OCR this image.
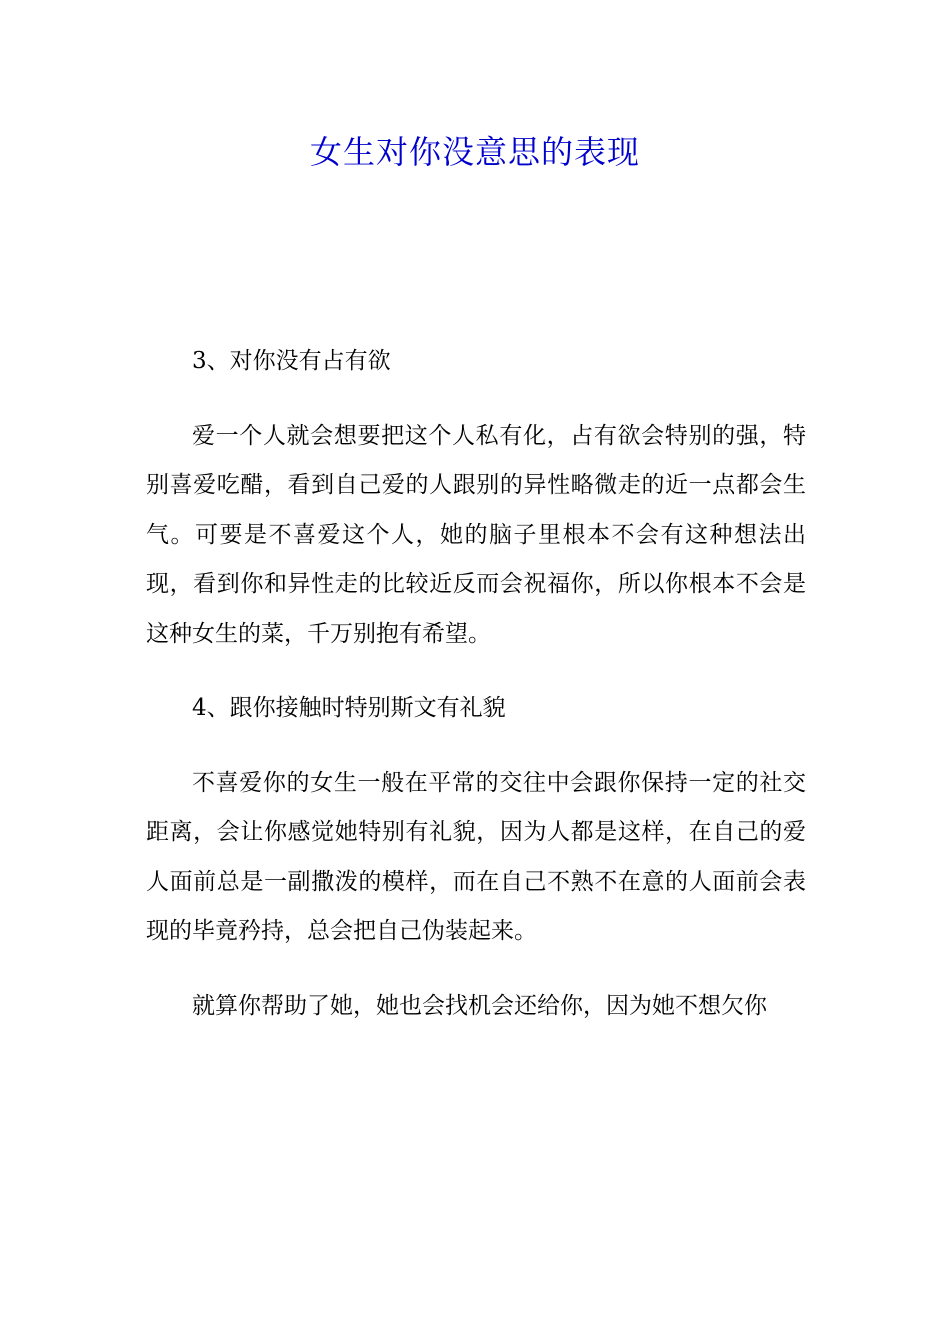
女生对你没意思的表现

3、对你没有占有欲

爱一个人就会想要把这个人私有化，占有欲会特别的强，特别喜爱吃醋，看到自己爱的人跟别的异性略微走的近一点都会生气。可要是不喜爱这个人，她的脑子里根本不会有这种想法出现，看到你和异性走的比较近反而会祝福你，所以你根本不会是这种女生的菜，千万别抱有希望。

4、跟你接触时特别斯文有礼貌

不喜爱你的女生一般在平常的交往中会跟你保持一定的社交距离，会让你感觉她特别有礼貌，因为人都是这样，在自己的爱人面前总是一副撒泼的模样，而在自己不熟不在意的人面前会表现的毕竟矜持，总会把自己伪装起来。

就算你帮助了她，她也会找机会还给你，因为她不想欠你
